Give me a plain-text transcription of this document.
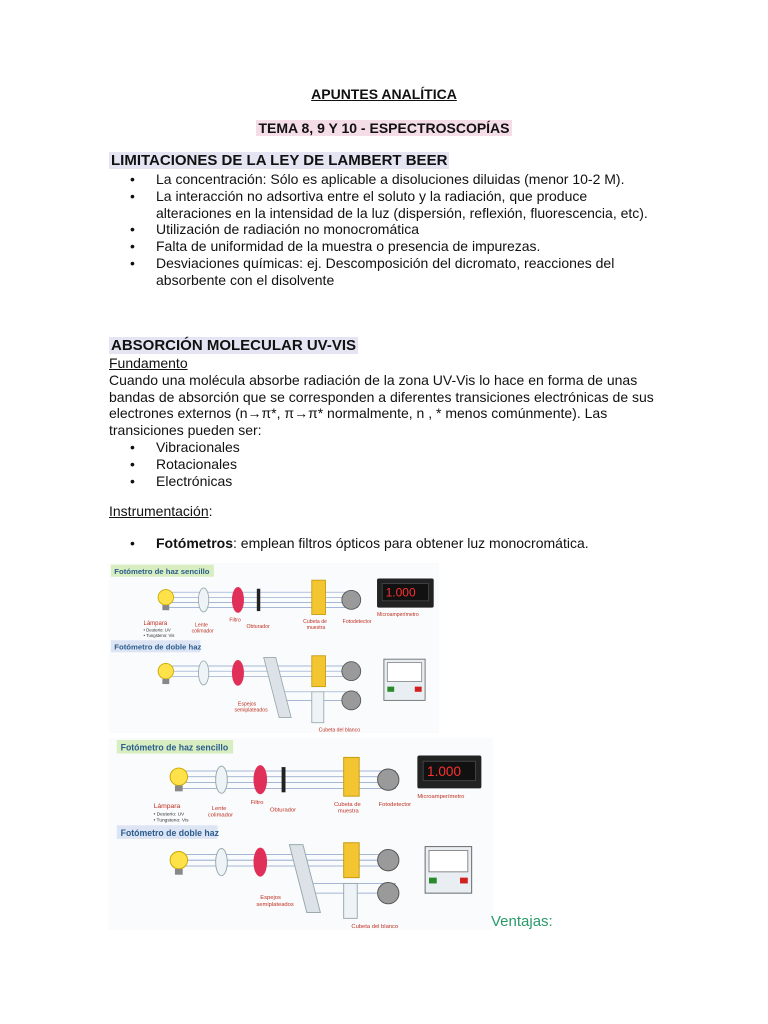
APUNTES ANALÍTICA
TEMA 8, 9 Y 10 - ESPECTROSCOPÍAS
LIMITACIONES DE LA LEY DE LAMBERT BEER
• La concentración: Sólo es aplicable a disoluciones diluidas (menor 10-2 M).
• La interacción no adsortiva entre el soluto y la radiación, que produce alteraciones en la intensidad de la luz (dispersión, reflexión, fluorescencia, etc).
• Utilización de radiación no monocromática
• Falta de uniformidad de la muestra o presencia de impurezas.
• Desviaciones químicas: ej. Descomposición del dicromato, reacciones del absorbente con el disolvente
ABSORCIÓN MOLECULAR UV-VIS
Fundamento
Cuando una molécula absorbe radiación de la zona UV-Vis lo hace en forma de unas bandas de absorción que se corresponden a diferentes transiciones electrónicas de sus electrones externos (n→π*, π→π* normalmente, n , * menos comúnmente). Las transiciones pueden ser:
• Vibracionales
• Rotacionales
• Electrónicas
Instrumentación:
• Fotómetros: emplean filtros ópticos para obtener luz monocromática.
Fotómetro de haz sencillo
1.000
Lámpara
• Deuterio: UV
• Tungsteno: Vis
Lente
colimador
Filtro
Obturador
Cubeta de
muestra
Fotodetector
Microamperímetro
Fotómetro de doble haz
Espejos
semiplateados
Cubeta del blanco
Fotómetro de haz sencillo
1.000
Lámpara
• Deuterio: UV
• Tungsteno: Vis
Lente
colimador
Filtro
Obturador
Cubeta de
muestra
Fotodetector
Microamperímetro
Fotómetro de doble haz
Espejos
semiplateados
Cubeta del blanco	Ventajas:
